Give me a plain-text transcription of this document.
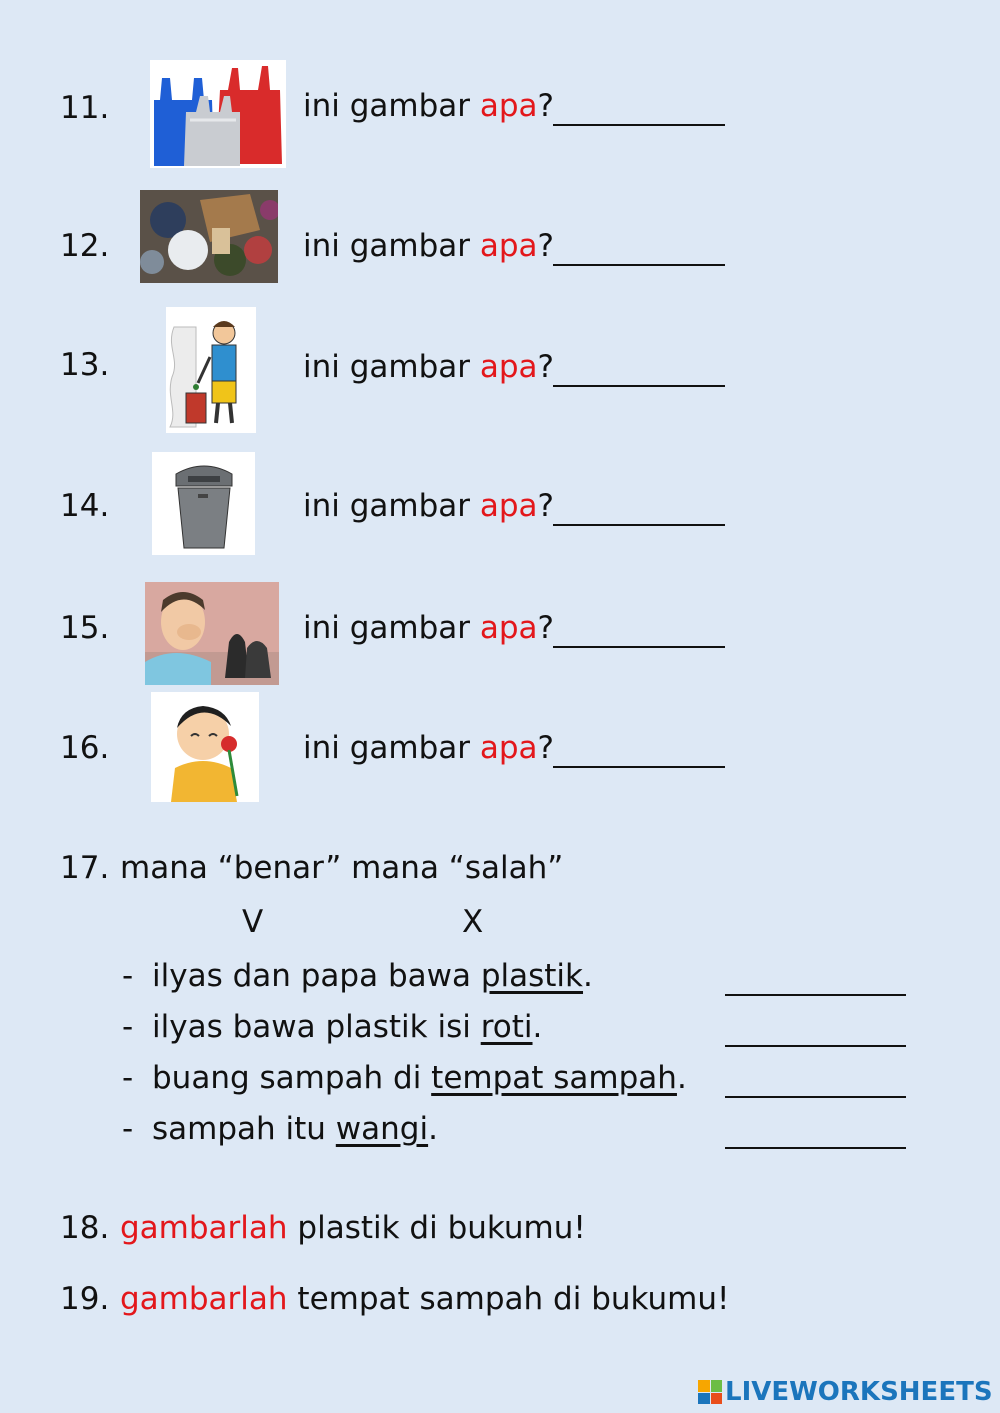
11.	ini gambar apa?
12.	ini gambar apa?
13.	ini gambar apa?
14.	ini gambar apa?
15.	ini gambar apa?
16.	ini gambar apa?
17. mana “benar” mana “salah”
V	X
- ilyas dan papa bawa plastik.
- ilyas bawa plastik isi roti.
- buang sampah di tempat sampah.
- sampah itu wangi.
18. gambarlah plastik di bukumu!
19. gambarlah tempat sampah di bukumu!
LIVEWORKSHEETS
